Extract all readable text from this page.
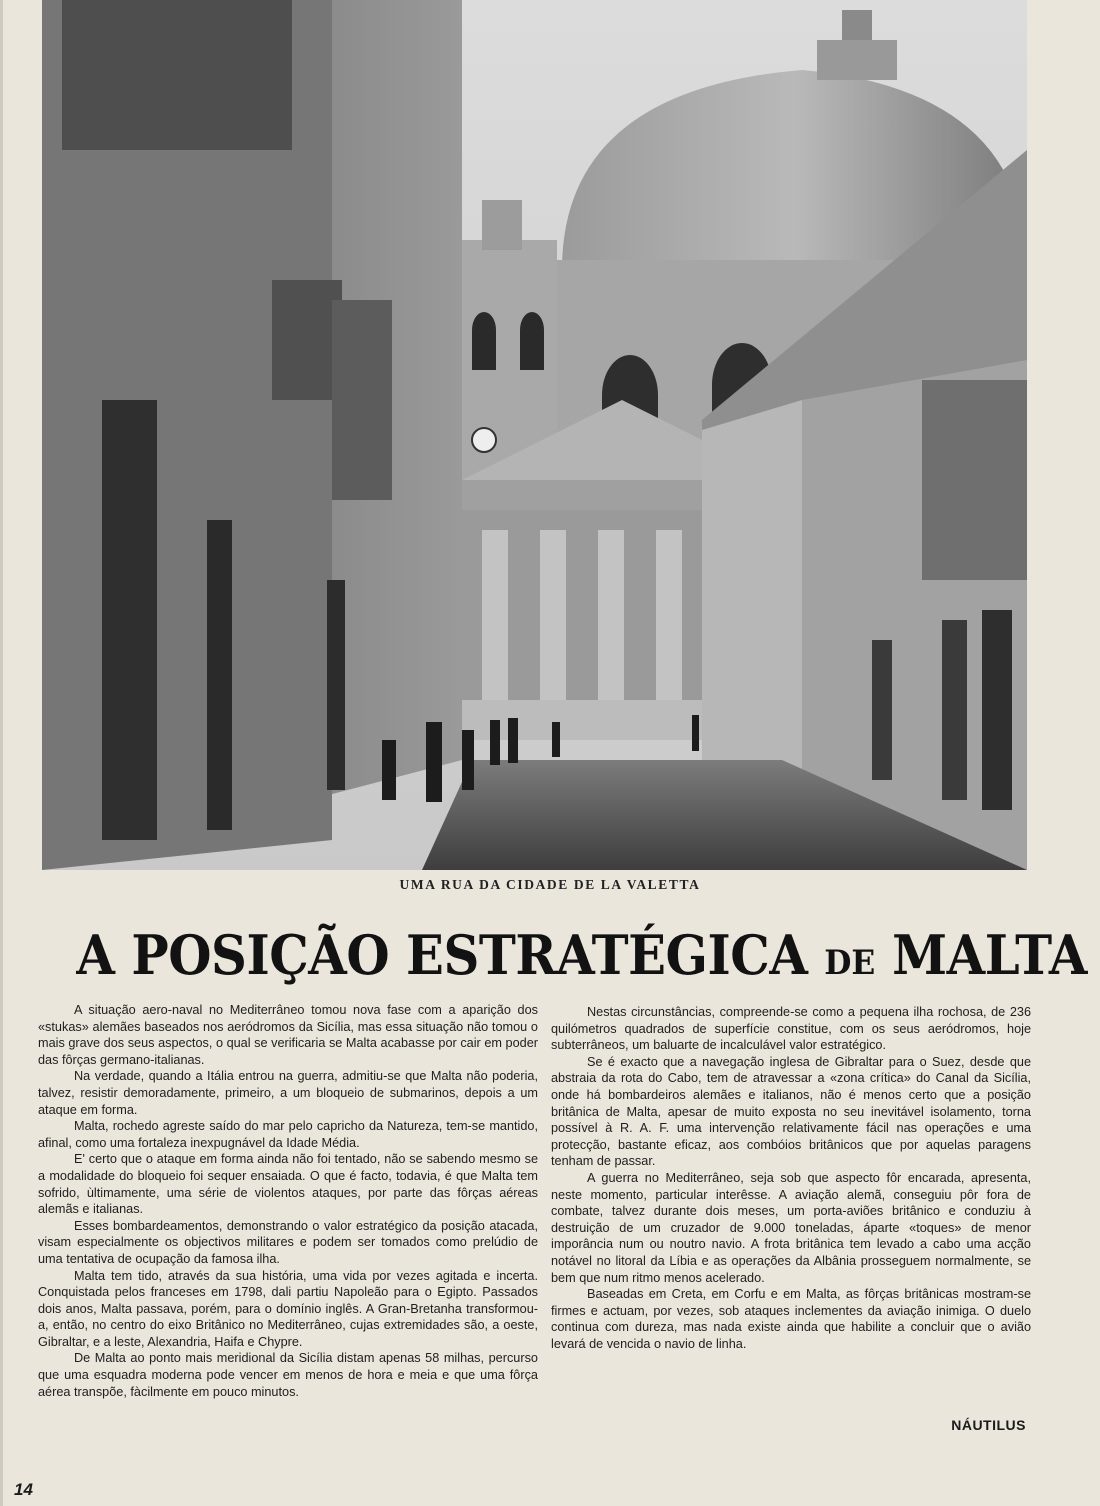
UMA RUA DA CIDADE DE LA VALETTA
A POSIÇÃO ESTRATÉGICA DE MALTA

A situação aero-naval no Mediterrâneo tomou nova fase com a aparição dos «stukas» alemães baseados nos aeródromos da Sicília, mas essa situação não tomou o mais grave dos seus aspectos, o qual se verificaria se Malta acabasse por cair em poder das fôrças germano-italianas.

Na verdade, quando a Itália entrou na guerra, admitiu-se que Malta não poderia, talvez, resistir demoradamente, primeiro, a um bloqueio de submarinos, depois a um ataque em forma.

Malta, rochedo agreste saído do mar pelo capricho da Natureza, tem-se mantido, afinal, como uma fortaleza inexpugnável da Idade Média.

E' certo que o ataque em forma ainda não foi tentado, não se sabendo mesmo se a modalidade do bloqueio foi sequer ensaiada. O que é facto, todavia, é que Malta tem sofrido, ùltimamente, uma série de violentos ataques, por parte das fôrças aéreas alemãs e italianas.

Esses bombardeamentos, demonstrando o valor estratégico da posição atacada, visam especialmente os objectivos militares e podem ser tomados como prelúdio de uma tentativa de ocupação da famosa ilha.

Malta tem tido, através da sua história, uma vida por vezes agitada e incerta. Conquistada pelos franceses em 1798, dali partiu Napoleão para o Egipto. Passados dois anos, Malta passava, porém, para o domínio inglês. A Gran-Bretanha transformou-a, então, no centro do eixo Britânico no Mediterrâneo, cujas extremidades são, a oeste, Gibraltar, e a leste, Alexandria, Haifa e Chypre.

De Malta ao ponto mais meridional da Sicília distam apenas 58 milhas, percurso que uma esquadra moderna pode vencer em menos de hora e meia e que uma fôrça aérea transpõe, fàcilmente em pouco minutos.

Nestas circunstâncias, compreende-se como a pequena ilha rochosa, de 236 quilómetros quadrados de superfície constitue, com os seus aeródromos, hoje subterrâneos, um baluarte de incalculável valor estratégico.

Se é exacto que a navegação inglesa de Gibraltar para o Suez, desde que abstraia da rota do Cabo, tem de atravessar a «zona crítica» do Canal da Sicília, onde há bombardeiros alemães e italianos, não é menos certo que a posição britânica de Malta, apesar de muito exposta no seu inevitável isolamento, torna possível à R. A. F. uma intervenção relativamente fácil nas operações e uma protecção, bastante eficaz, aos combóios britânicos que por aquelas paragens tenham de passar.

A guerra no Mediterrâneo, seja sob que aspecto fôr encarada, apresenta, neste momento, particular interêsse. A aviação alemã, conseguiu pôr fora de combate, talvez durante dois meses, um porta-aviões britânico e conduziu à destruição de um cruzador de 9.000 toneladas, áparte «toques» de menor imporância num ou noutro navio. A frota britânica tem levado a cabo uma acção notável no litoral da Líbia e as operações da Albânia prosseguem normalmente, se bem que num ritmo menos acelerado.

Baseadas em Creta, em Corfu e em Malta, as fôrças britânicas mostram-se firmes e actuam, por vezes, sob ataques inclementes da aviação inimiga. O duelo continua com dureza, mas nada existe ainda que habilite a concluir que o avião levará de vencida o navio de linha.

NÁUTILUS
14
